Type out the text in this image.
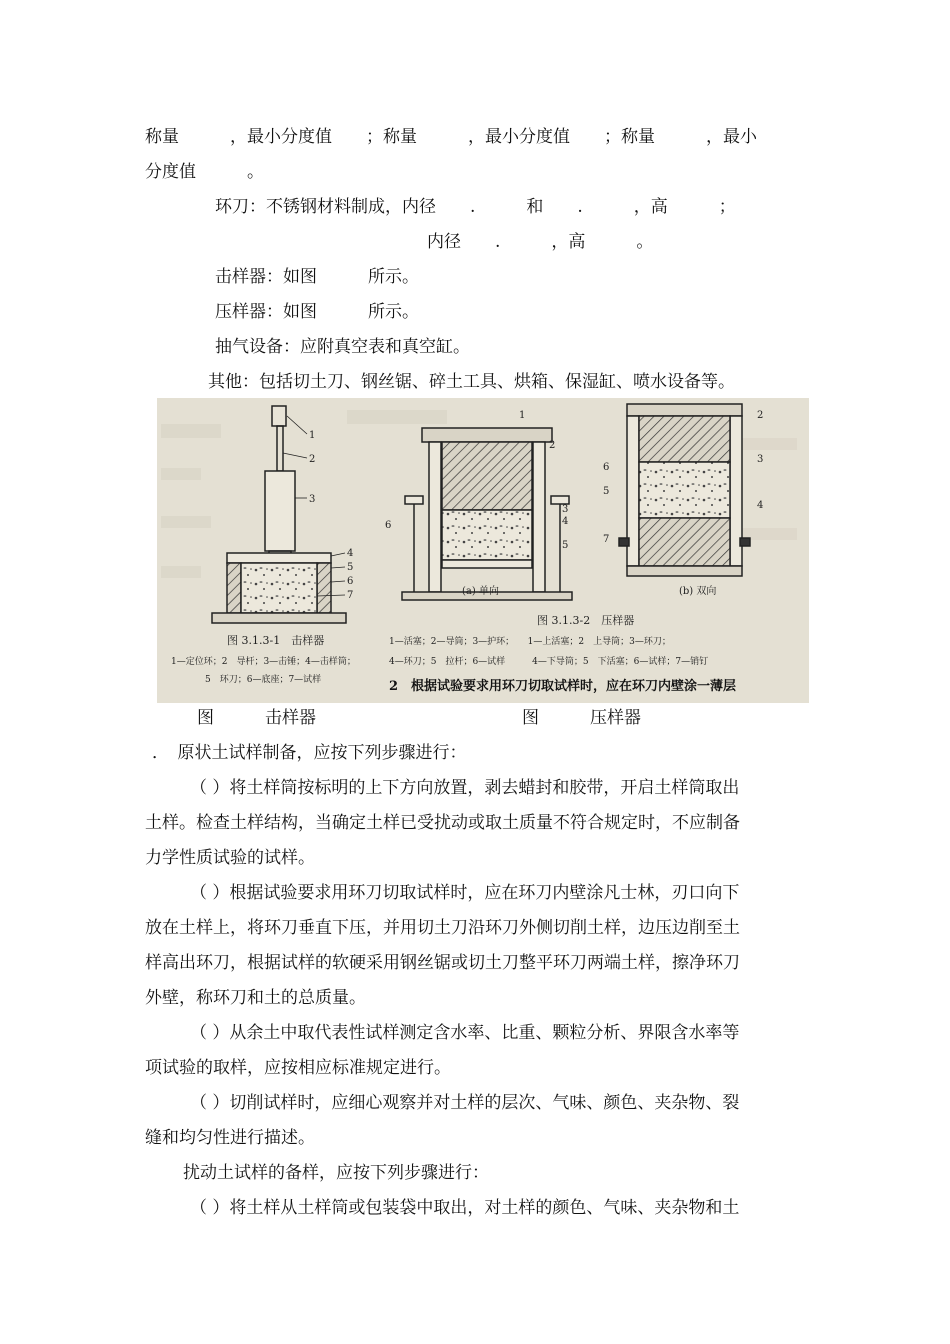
称量　　　，最小分度值　　；称量　　　，最小分度值　　；称量　　　，最小
分度值　　　。
环刀：不锈钢材料制成，内径　　.　　　和　　.　　　，高　　　；
内径　　.　　　，高　　　。
击样器：如图　　　所示。
压样器：如图　　　所示。
抽气设备：应附真空表和真空缸。
其他：包括切土刀、钢丝锯、碎土工具、烘箱、保湿缸、喷水设备等。
1
2
3
4
5
6
7
1
2
3
4
5
6
(a) 单向
2
3
4
6
5
7
(b) 双向
图 3.1.3-1　击样器
1—定位环；2　导杆；3—击锤；4—击样筒；
5　环刀；6—底座；7—试样
图 3.1.3-2　压样器
1—活塞；2—导筒；3—护环；　　1—上活塞；2　上导筒；3—环刀；
4—环刀；5　拉杆；6—试样　　　4—下导筒；5　下活塞；6—试样；7—销钉
2　根据试验要求用环刀切取试样时，应在环刀内壁涂一薄层
图　　　击样器	图　　　压样器
．　原状土试样制备，应按下列步骤进行：
（ ）将土样筒按标明的上下方向放置，剥去蜡封和胶带，开启土样筒取出
土样。检查土样结构，当确定土样已受扰动或取土质量不符合规定时，不应制备
力学性质试验的试样。
（ ）根据试验要求用环刀切取试样时，应在环刀内壁涂凡士林，刃口向下
放在土样上，将环刀垂直下压，并用切土刀沿环刀外侧切削土样，边压边削至土
样高出环刀，根据试样的软硬采用钢丝锯或切土刀整平环刀两端土样，擦净环刀
外壁，称环刀和土的总质量。
（ ）从余土中取代表性试样测定含水率、比重、颗粒分析、界限含水率等
项试验的取样，应按相应标准规定进行。
（ ）切削试样时，应细心观察并对土样的层次、气味、颜色、夹杂物、裂
缝和均匀性进行描述。
扰动土试样的备样，应按下列步骤进行：
（ ）将土样从土样筒或包装袋中取出，对土样的颜色、气味、夹杂物和土
